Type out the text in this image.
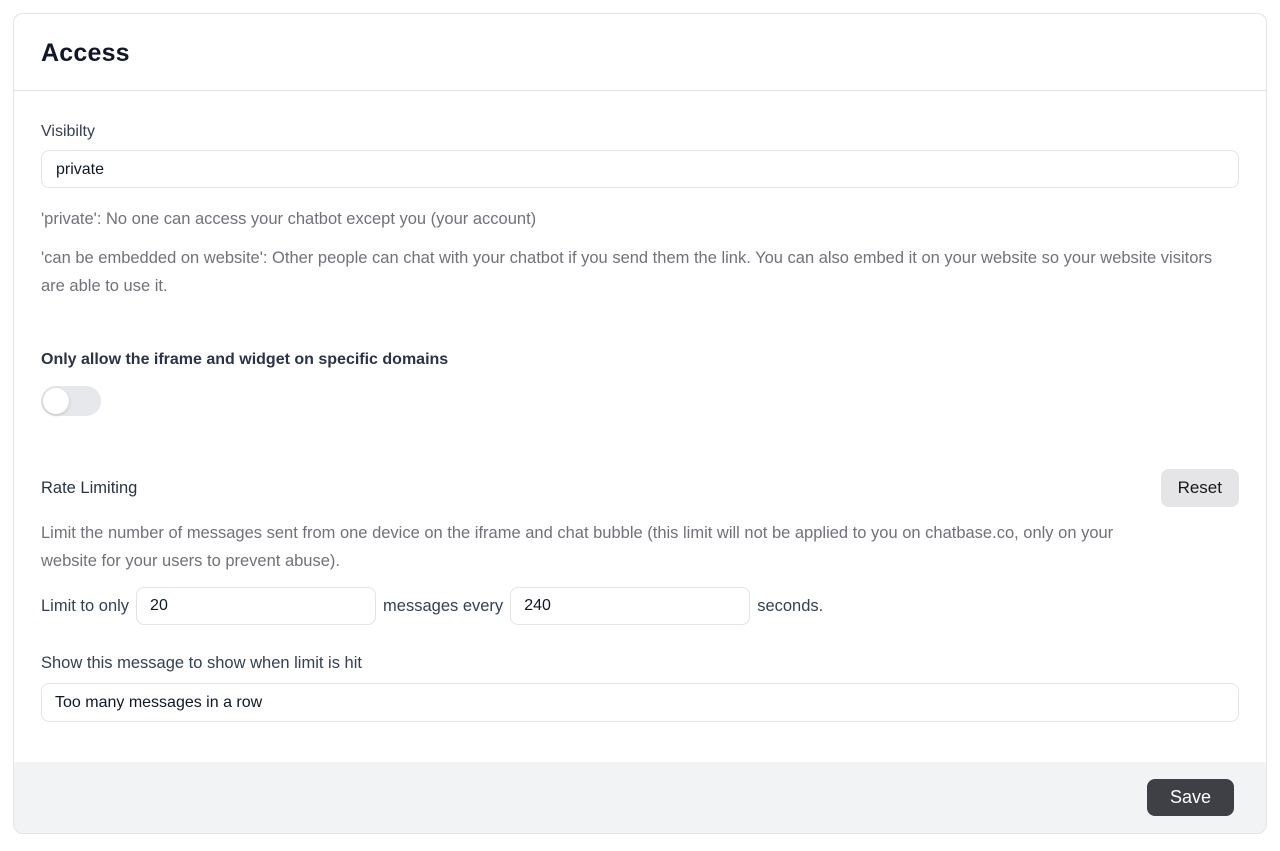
Access
Visibilty
private

'private': No one can access your chatbot except you (your account)

'can be embedded on website': Other people can chat with your chatbot if you send them the link. You can also embed it on your website so your website visitors are able to use it.

Only allow the iframe and widget on specific domains
Rate Limiting	Reset

Limit the number of messages sent from one device on the iframe and chat bubble (this limit will not be applied to you on chatbase.co, only on your website for your users to prevent abuse).

Limit to only
20	messages every
240	seconds.
Show this message to show when limit is hit
Too many messages in a row
Save
